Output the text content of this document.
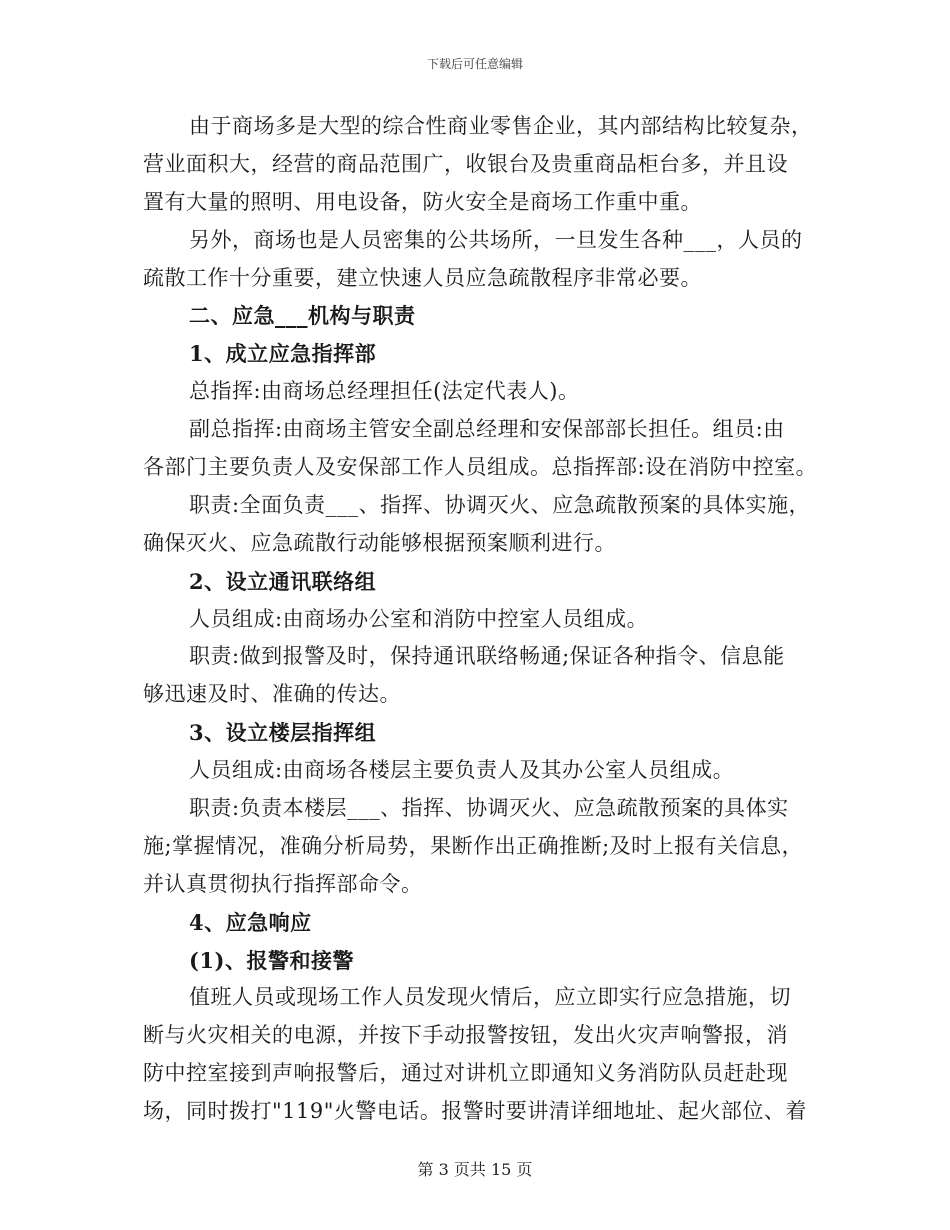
下载后可任意编辑
由于商场多是大型的综合性商业零售企业，其内部结构比较复杂，
营业面积大，经营的商品范围广，收银台及贵重商品柜台多，并且设
置有大量的照明、用电设备，防火安全是商场工作重中重。
另外，商场也是人员密集的公共场所，一旦发生各种___，人员的
疏散工作十分重要，建立快速人员应急疏散程序非常必要。
二、应急___机构与职责
1、成立应急指挥部
总指挥:由商场总经理担任(法定代表人)。
副总指挥:由商场主管安全副总经理和安保部部长担任。组员:由
各部门主要负责人及安保部工作人员组成。总指挥部:设在消防中控室。
职责:全面负责___、指挥、协调灭火、应急疏散预案的具体实施，
确保灭火、应急疏散行动能够根据预案顺利进行。
2、设立通讯联络组
人员组成:由商场办公室和消防中控室人员组成。
职责:做到报警及时，保持通讯联络畅通;保证各种指令、信息能
够迅速及时、准确的传达。
3、设立楼层指挥组
人员组成:由商场各楼层主要负责人及其办公室人员组成。
职责:负责本楼层___、指挥、协调灭火、应急疏散预案的具体实
施;掌握情况，准确分析局势，果断作出正确推断;及时上报有关信息，
并认真贯彻执行指挥部命令。
4、应急响应
(1)、报警和接警
值班人员或现场工作人员发现火情后，应立即实行应急措施，切
断与火灾相关的电源，并按下手动报警按钮，发出火灾声响警报，消
防中控室接到声响报警后，通过对讲机立即通知义务消防队员赶赴现
场，同时拨打"119"火警电话。报警时要讲清详细地址、起火部位、着
第 3 页共 15 页
